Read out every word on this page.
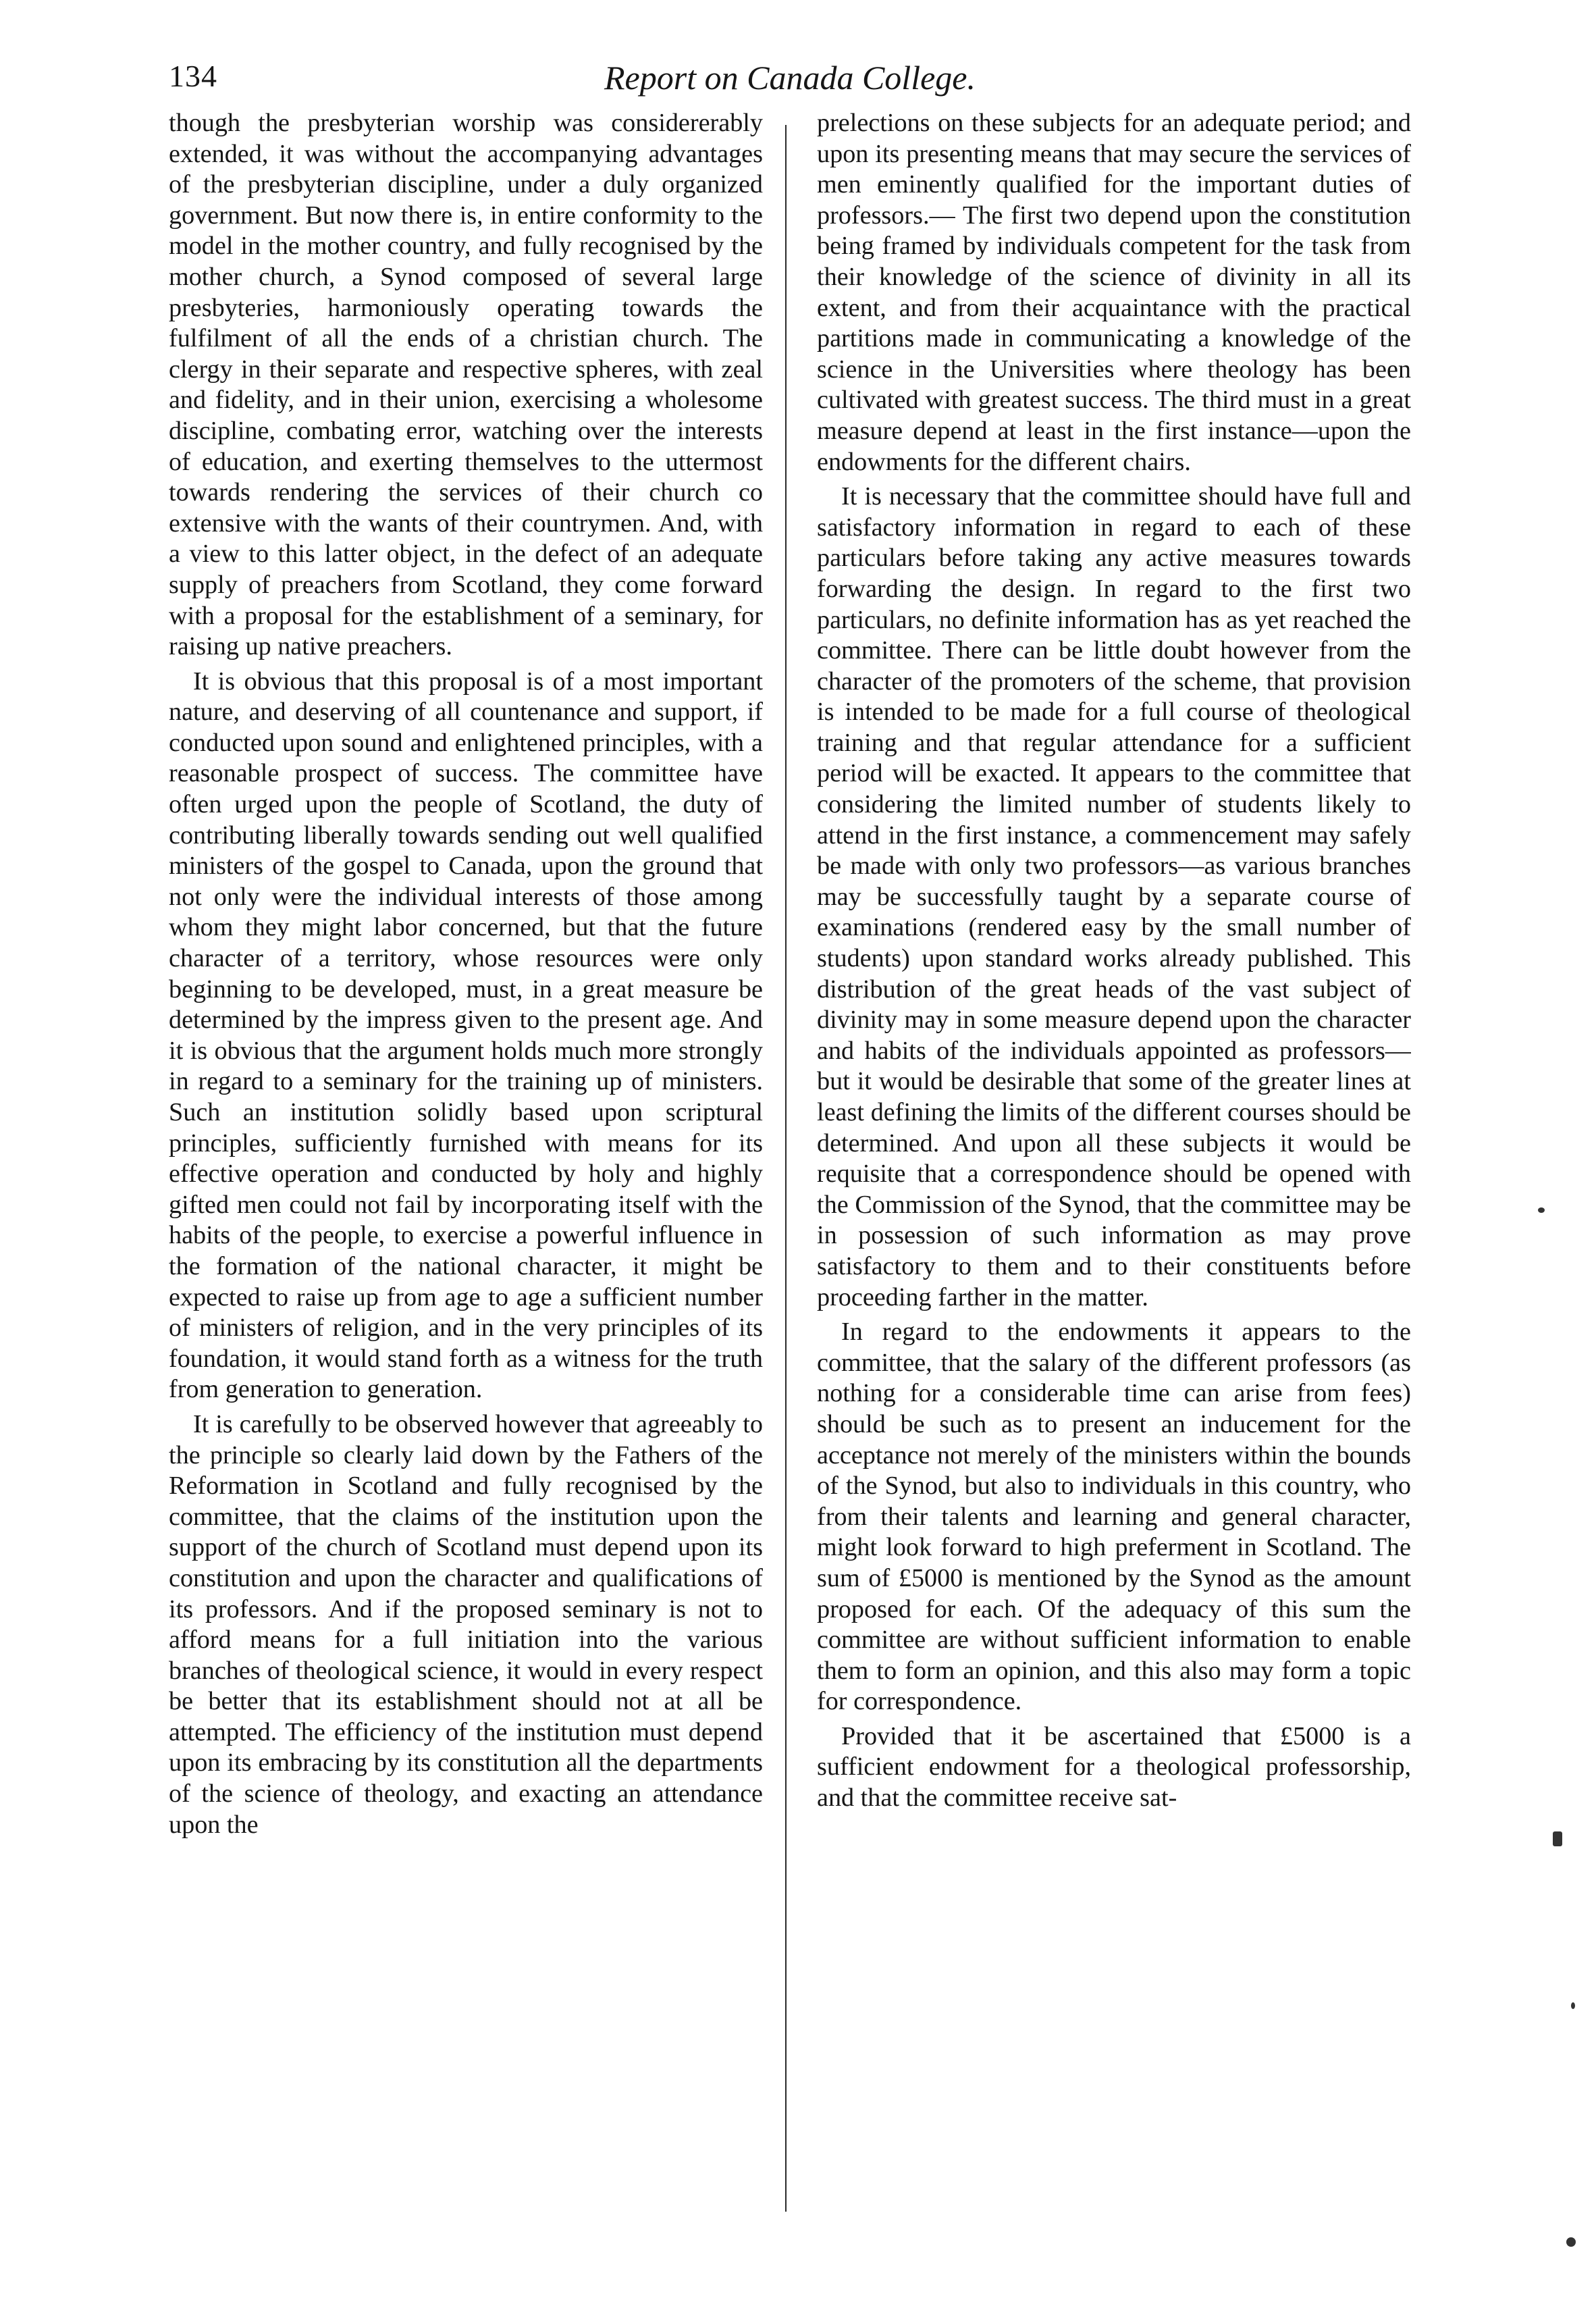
134	Report on Canada College.

though the presbyterian worship was considererably extended, it was without the accompanying advantages of the presbyterian discipline, under a duly organized government. But now there is, in entire conformity to the model in the mother country, and fully recognised by the mother church, a Synod composed of several large presbyteries, harmoniously operating towards the fulfilment of all the ends of a christian church. The clergy in their separate and respective spheres, with zeal and fidelity, and in their union, exercising a wholesome discipline, combating error, watching over the interests of education, and exerting themselves to the uttermost towards rendering the services of their church co extensive with the wants of their countrymen. And, with a view to this latter object, in the defect of an adequate supply of preachers from Scotland, they come forward with a proposal for the establishment of a seminary, for raising up native preachers.

It is obvious that this proposal is of a most important nature, and deserving of all countenance and support, if conducted upon sound and enlightened principles, with a reasonable prospect of success. The committee have often urged upon the people of Scotland, the duty of contributing liberally towards sending out well qualified ministers of the gospel to Canada, upon the ground that not only were the individual interests of those among whom they might labor concerned, but that the future character of a territory, whose resources were only beginning to be developed, must, in a great measure be determined by the impress given to the present age. And it is obvious that the argument holds much more strongly in regard to a seminary for the training up of ministers. Such an institution solidly based upon scriptural principles, sufficiently furnished with means for its effective operation and conducted by holy and highly gifted men could not fail by incorporating itself with the habits of the people, to exercise a powerful influence in the formation of the national character, it might be expected to raise up from age to age a sufficient number of ministers of religion, and in the very principles of its foundation, it would stand forth as a witness for the truth from generation to generation.

It is carefully to be observed however that agreeably to the principle so clearly laid down by the Fathers of the Reformation in Scotland and fully recognised by the committee, that the claims of the institution upon the support of the church of Scotland must depend upon its constitution and upon the character and qualifications of its professors. And if the proposed seminary is not to afford means for a full initiation into the various branches of theological science, it would in every respect be better that its establishment should not at all be attempted. The efficiency of the institution must depend upon its embracing by its constitution all the departments of the science of theology, and exacting an attendance upon the

prelections on these subjects for an adequate period; and upon its presenting means that may secure the services of men eminently qualified for the important duties of professors.— The first two depend upon the constitution being framed by individuals competent for the task from their knowledge of the science of divinity in all its extent, and from their acquaintance with the practical partitions made in communicating a knowledge of the science in the Universities where theology has been cultivated with greatest success. The third must in a great measure depend at least in the first instance—upon the endowments for the different chairs.

It is necessary that the committee should have full and satisfactory information in regard to each of these particulars before taking any active measures towards forwarding the design. In regard to the first two particulars, no definite information has as yet reached the committee. There can be little doubt however from the character of the promoters of the scheme, that provision is intended to be made for a full course of theological training and that regular attendance for a sufficient period will be exacted. It appears to the committee that considering the limited number of students likely to attend in the first instance, a commencement may safely be made with only two professors—as various branches may be successfully taught by a separate course of examinations (rendered easy by the small number of students) upon standard works already published. This distribution of the great heads of the vast subject of divinity may in some measure depend upon the character and habits of the individuals appointed as professors—but it would be desirable that some of the greater lines at least defining the limits of the different courses should be determined. And upon all these subjects it would be requisite that a correspondence should be opened with the Commission of the Synod, that the committee may be in possession of such information as may prove satisfactory to them and to their constituents before proceeding farther in the matter.

In regard to the endowments it appears to the committee, that the salary of the different professors (as nothing for a considerable time can arise from fees) should be such as to present an inducement for the acceptance not merely of the ministers within the bounds of the Synod, but also to individuals in this country, who from their talents and learning and general character, might look forward to high preferment in Scotland. The sum of £5000 is mentioned by the Synod as the amount proposed for each. Of the adequacy of this sum the committee are without sufficient information to enable them to form an opinion, and this also may form a topic for correspondence.

Provided that it be ascertained that £5000 is a sufficient endowment for a theological professorship, and that the committee receive sat-
